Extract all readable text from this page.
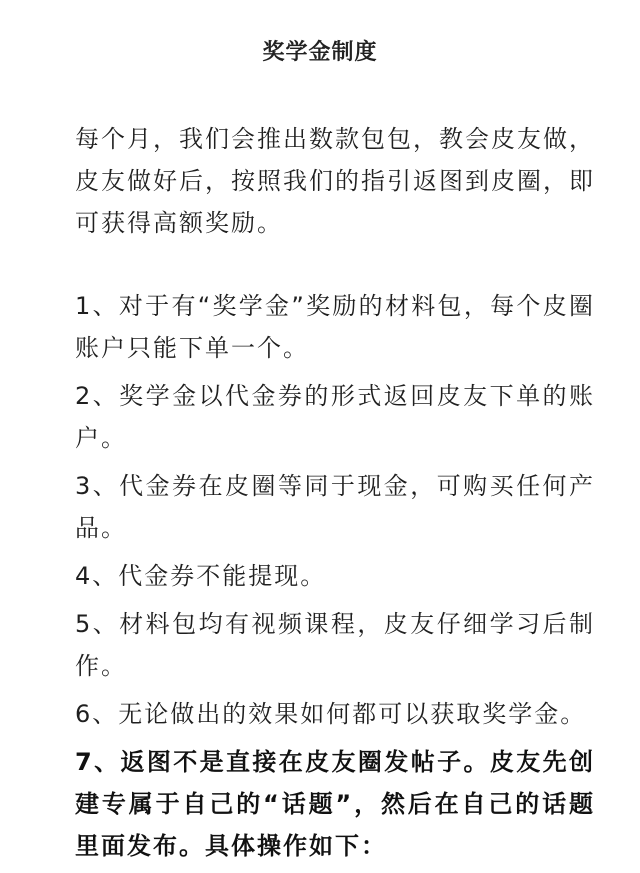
奖学金制度
每个月，我们会推出数款包包，教会皮友做，皮友做好后，按照我们的指引返图到皮圈，即可获得高额奖励。
1、对于有“奖学金”奖励的材料包，每个皮圈账户只能下单一个。
2、奖学金以代金券的形式返回皮友下单的账户。
3、代金券在皮圈等同于现金，可购买任何产品。
4、代金券不能提现。
5、材料包均有视频课程，皮友仔细学习后制作。
6、无论做出的效果如何都可以获取奖学金。
7、返图不是直接在皮友圈发帖子。皮友先创建专属于自己的“话题”，然后在自己的话题里面发布。具体操作如下：
